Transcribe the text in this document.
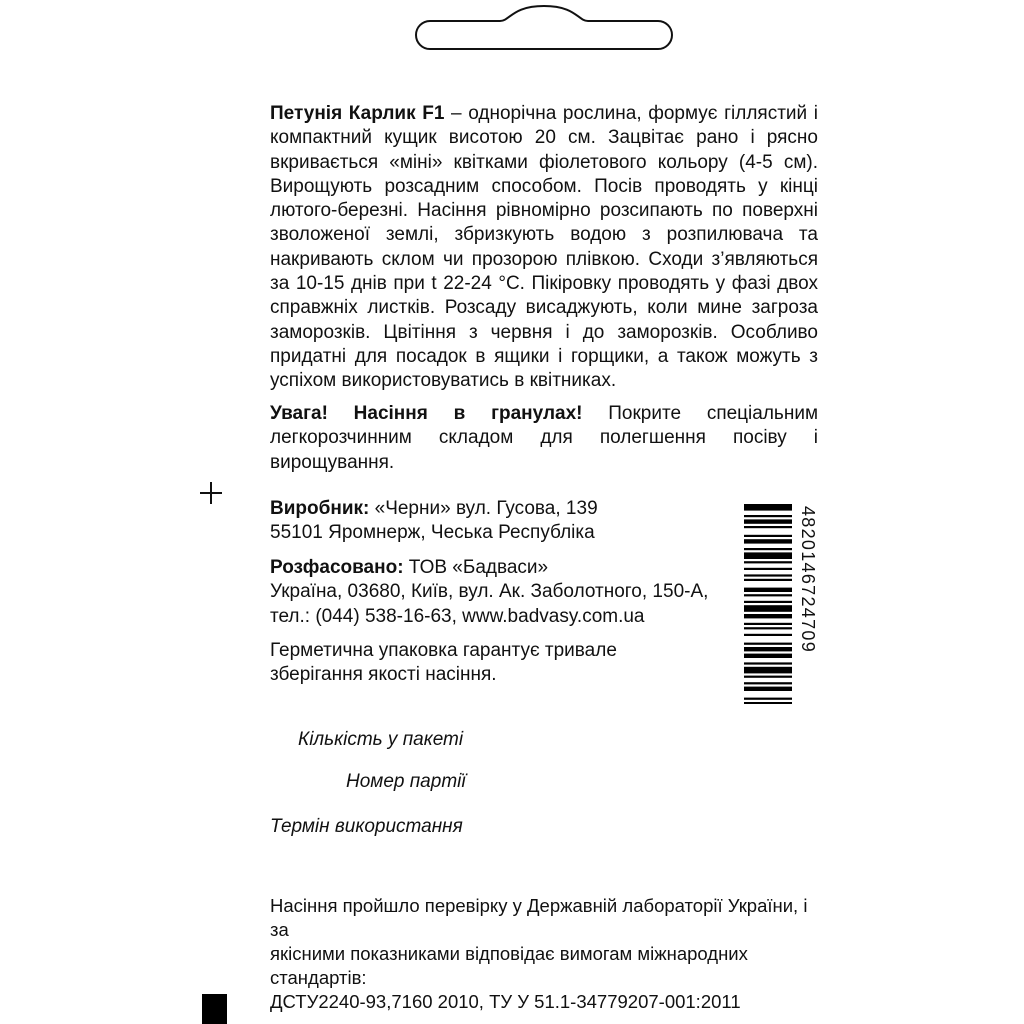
Петунія Карлик F1 – однорічна рослина, формує гіллястий і компактний кущик висотою 20 см. Зацвітає рано і рясно вкривається «міні» квітками фіолетового кольору (4-5 см). Вирощують розсадним способом. Посів проводять у кінці лютого-березні. Насіння рівномірно розсипають по поверхні зволоженої землі, збризкують водою з розпилювача та накривають склом чи прозорою плівкою. Сходи з’являються за 10-15 днів при t 22-24 °С. Пікіровку проводять у фазі двох справжніх листків. Розсаду висаджують, коли мине загроза заморозків. Цвітіння з червня і до заморозків. Особливо придатні для посадок в ящики і горщики, а також можуть з успіхом використовуватись в квітниках.

Увага! Насіння в гранулах! Покрите спеціальним легкорозчинним складом для полегшення посіву і вирощування.

Виробник: «Черни» вул. Гусова, 139
55101 Яромнерж, Чеська Республіка

Розфасовано: ТОВ «Бадваси»
Україна, 03680, Київ, вул. Ак. Заболотного, 150-А,
тел.: (044) 538-16-63, www.badvasy.com.ua

Герметична упаковка гарантує тривале зберігання якості насіння.

Кількість у пакеті

Номер партії

Термін використання

Насіння пройшло перевірку у Державній лабораторії України, і за
якісними показниками відповідає вимогам міжнародних стандартів:
ДСТУ2240-93,7160 2010, ТУ У 51.1-34779207-001:2011

4820146724709
